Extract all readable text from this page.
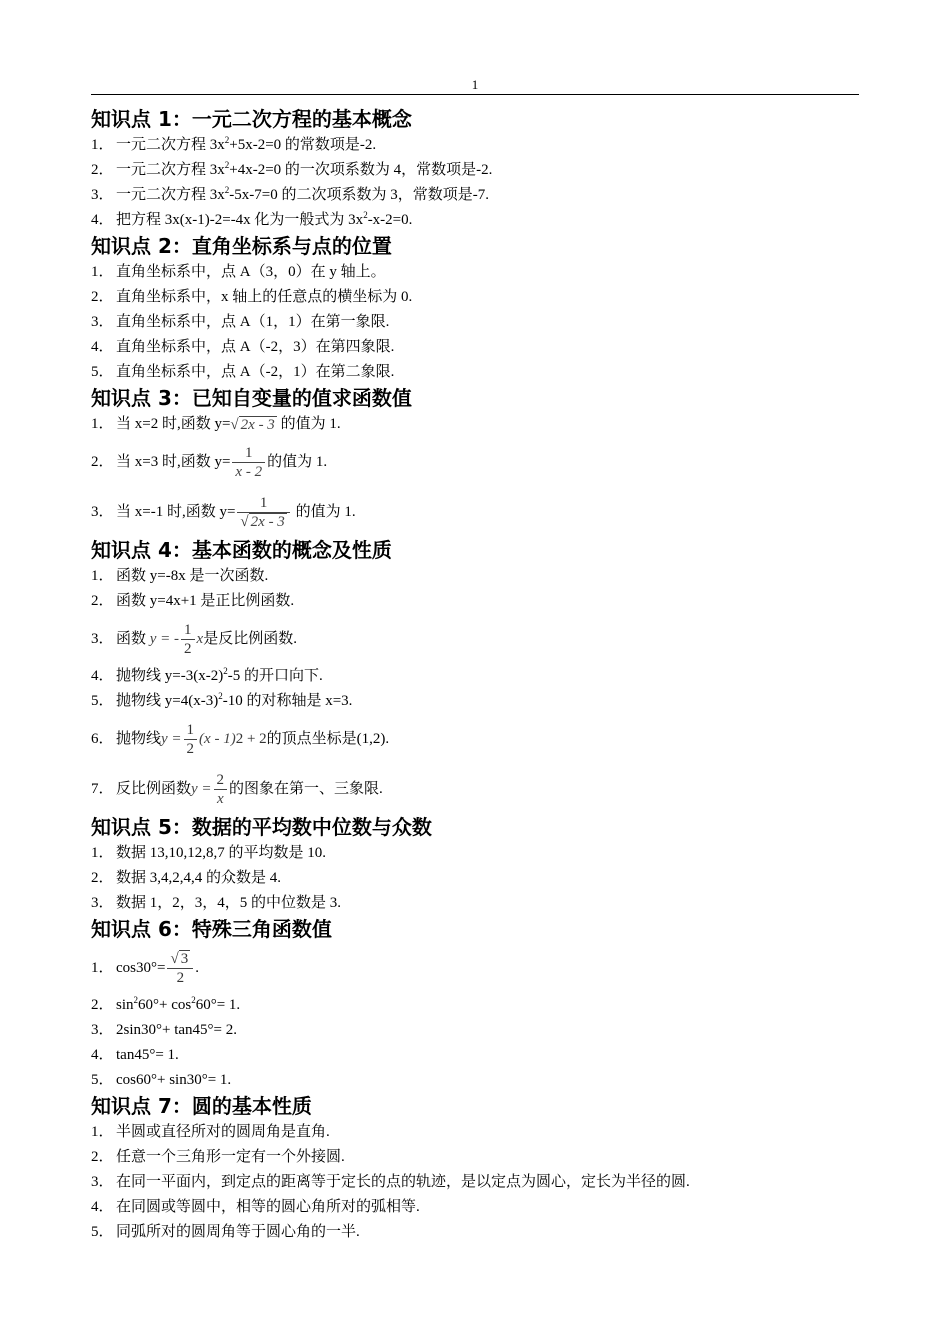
1
知识点 1：一元二次方程的基本概念
1． 一元二次方程 $3x^2+5x-2=0$ 的常数项是-2.
2． 一元二次方程 $3x^2+4x-2=0$ 的一次项系数为 4，常数项是-2.
3． 一元二次方程 $3x^2-5x-7=0$ 的二次项系数为 3，常数项是-7.
4． 把方程 3x(x-1)-2=-4x 化为一般式为 $3x^2-x-2=0$.
知识点 2：直角坐标系与点的位置
1． 直角坐标系中，点 A（3，0）在 y 轴上。
2． 直角坐标系中，x 轴上的任意点的横坐标为 0.
3． 直角坐标系中，点 A（1，1）在第一象限.
4． 直角坐标系中，点 A（-2，3）在第四象限.
5． 直角坐标系中，点 A（-2，1）在第二象限.
知识点 3：已知自变量的值求函数值
1． 当 x=2 时,函数 y= √ 2x - 3 的值为 1.
2． 当 x=3 时,函数 $y= \frac{1}{x - 2}$ 的值为 1.
3． 当 x=-1 时,函数 $y= \frac{1}{√ 2x - 3}$ 的值为 1.
知识点 4：基本函数的概念及性质
1． 函数 y=-8x 是一次函数.
2． 函数 y=4x+1 是正比例函数.
3． 函数 y = - $\frac{1}{2}$ x是反比例函数.
4． 抛物线 $y=-3(x-2)^2-5$ 的开口向下.
5． 抛物线 $y=4(x-3)^2-10$ 的对称轴是 x=3.
6． 抛物线$y = \frac{1}{2} (x - 1)2 + 2$的顶点坐标是(1,2).
7． 反比例函数$y = \frac{2}{x}$ 的图象在第一、三象限.
知识点 5：数据的平均数中位数与众数
1． 数据 13,10,12,8,7 的平均数是 10.
2． 数据 3,4,2,4,4 的众数是 4.
3． 数据 1，2，3，4，5 的中位数是 3.
知识点 6：特殊三角函数值
1． $\cos 30^\circ= \frac{√ 3}{2}$ .
2． $\sin^260^\circ+ \cos^260^\circ= 1$.
3． 2sin30°+ tan45°= 2.
4． tan45°= 1.
5． cos60°+ sin30°= 1.
知识点 7：圆的基本性质
1． 半圆或直径所对的圆周角是直角.
2． 任意一个三角形一定有一个外接圆.
3． 在同一平面内，到定点的距离等于定长的点的轨迹，是以定点为圆心，定长为半径的圆.
4． 在同圆或等圆中，相等的圆心角所对的弧相等.
5． 同弧所对的圆周角等于圆心角的一半.
